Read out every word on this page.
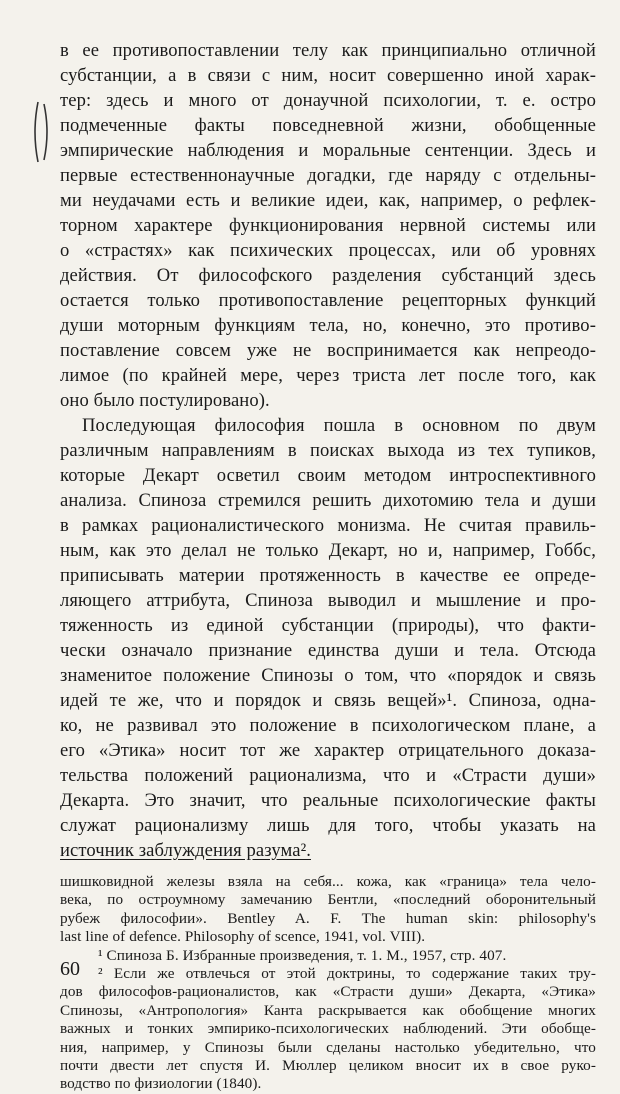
в ее противопоставлении телу как принципиально отличной
субстанции, а в связи с ним, носит совершенно иной харак-
тер: здесь и много от донаучной психологии, т. е. остро
подмеченные факты повседневной жизни, обобщенные
эмпирические наблюдения и моральные сентенции. Здесь и
первые естественнонаучные догадки, где наряду с отдельны-
ми неудачами есть и великие идеи, как, например, о рефлек-
торном характере функционирования нервной системы или
о «страстях» как психических процессах, или об уровнях
действия. От философского разделения субстанций здесь
остается только противопоставление рецепторных функций
души моторным функциям тела, но, конечно, это противо-
поставление совсем уже не воспринимается как непреодо-
лимое (по крайней мере, через триста лет после того, как
оно было постулировано).
Последующая философия пошла в основном по двум
различным направлениям в поисках выхода из тех тупиков,
которые Декарт осветил своим методом интроспективного
анализа. Спиноза стремился решить дихотомию тела и души
в рамках рационалистического монизма. Не считая правиль-
ным, как это делал не только Декарт, но и, например, Гоббс,
приписывать материи протяженность в качестве ее опреде-
ляющего аттрибута, Спиноза выводил и мышление и про-
тяженность из единой субстанции (природы), что факти-
чески означало признание единства души и тела. Отсюда
знаменитое положение Спинозы о том, что «порядок и связь
идей те же, что и порядок и связь вещей»¹. Спиноза, одна-
ко, не развивал это положение в психологическом плане, а
его «Этика» носит тот же характер отрицательного доказа-
тельства положений рационализма, что и «Страсти души»
Декарта. Это значит, что реальные психологические факты
служат рационализму лишь для того, чтобы указать на
источник заблуждения разума².
шишковидной железы взяла на себя... кожа, как «граница» тела чело-
века, по остроумному замечанию Бентли, «последний оборонительный
рубеж философии». Bentley A. F. The human skin: philosophy's
last line of defence. Philosophy of scence, 1941, vol. VIII).
¹ Спиноза Б. Избранные произведения, т. 1. М., 1957, стр. 407.
² Если же отвлечься от этой доктрины, то содержание таких тру-
дов философов-рационалистов, как «Страсти души» Декарта, «Этика»
Спинозы, «Антропология» Канта раскрывается как обобщение многих
важных и тонких эмпирико-психологических наблюдений. Эти обобще-
ния, например, у Спинозы были сделаны настолько убедительно, что
почти двести лет спустя И. Мюллер целиком вносит их в свое руко-
водство по физиологии (1840).
60
